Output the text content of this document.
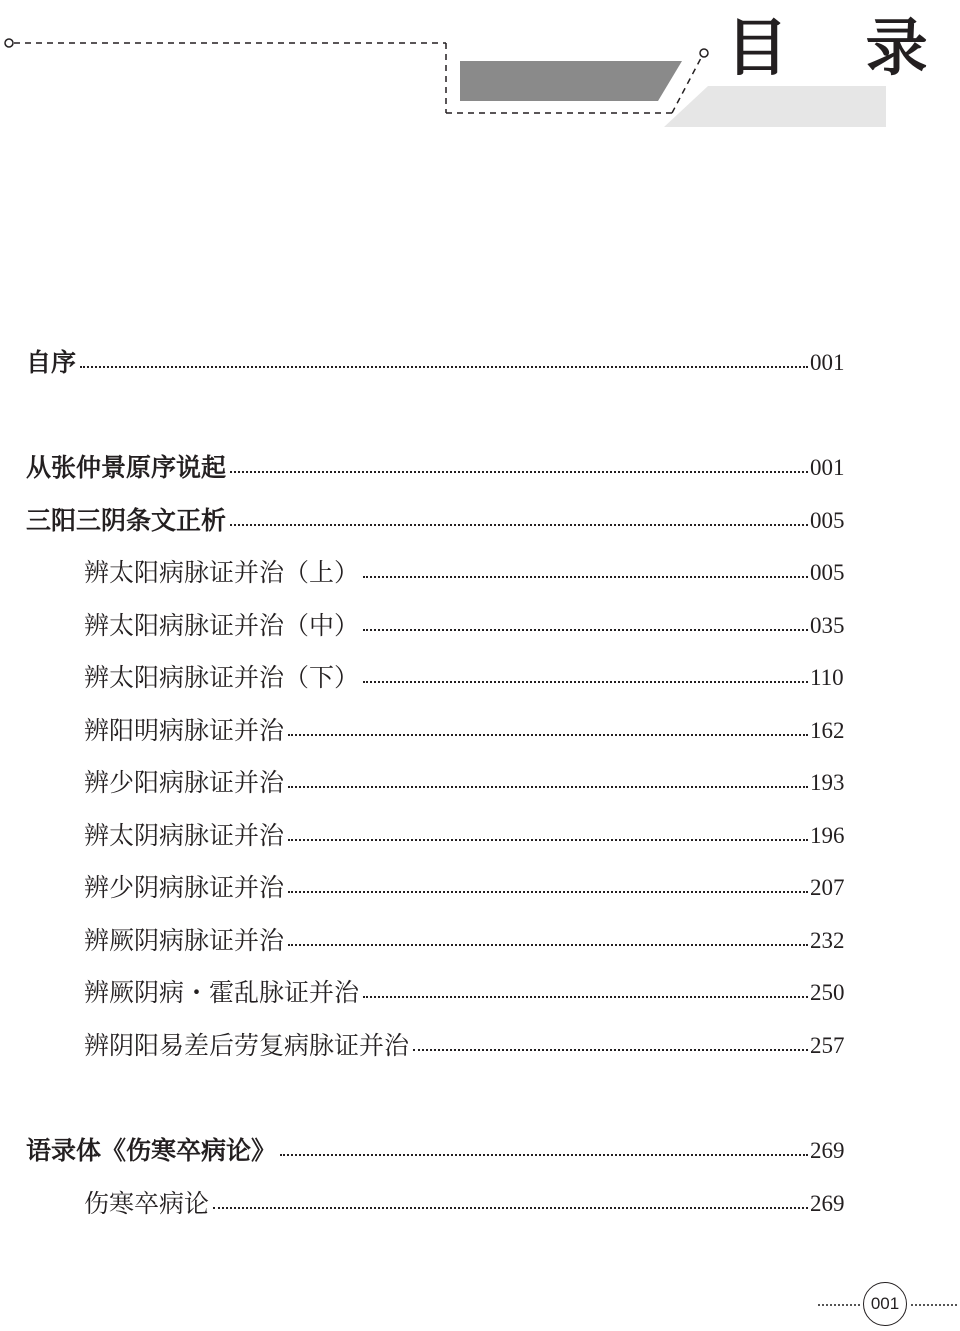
目 录
自序	001
从张仲景原序说起	001
三阳三阴条文正析	005
辨太阳病脉证并治（上）	005
辨太阳病脉证并治（中）	035
辨太阳病脉证并治（下）	110
辨阳明病脉证并治	162
辨少阳病脉证并治	193
辨太阴病脉证并治	196
辨少阴病脉证并治	207
辨厥阴病脉证并治	232
辨厥阴病・霍乱脉证并治	250
辨阴阳易差后劳复病脉证并治	257
语录体《伤寒卒病论》	269
伤寒卒病论	269
001
